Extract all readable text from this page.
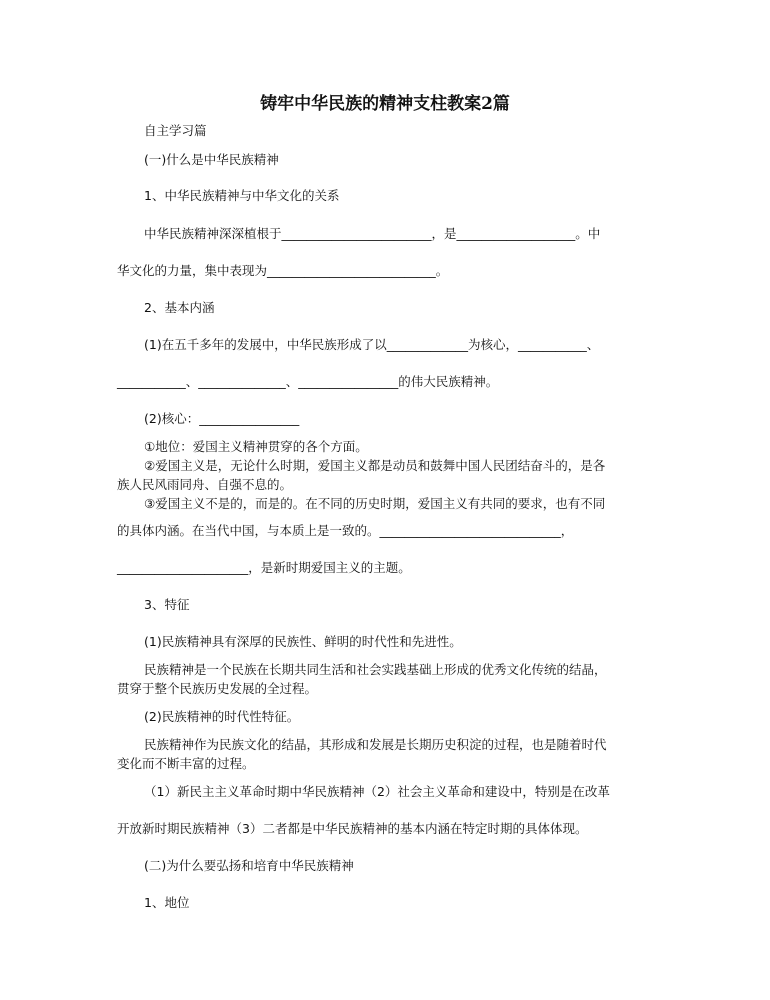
铸牢中华民族的精神支柱教案2篇
自主学习篇
(一)什么是中华民族精神
1、中华民族精神与中华文化的关系
中华民族精神深深植根于________________________，是___________________。中
华文化的力量，集中表现为___________________________。
2、基本内涵
(1)在五千多年的发展中，中华民族形成了以_____________为核心，___________、
___________、______________、________________的伟大民族精神。
(2)核心：________________
①地位：爱国主义精神贯穿的各个方面。
②爱国主义是，无论什么时期，爱国主义都是动员和鼓舞中国人民团结奋斗的，是各
族人民风雨同舟、自强不息的。
③爱国主义不是的，而是的。在不同的历史时期，爱国主义有共同的要求，也有不同
的具体内涵。在当代中国，与本质上是一致的。_____________________________，
_____________________，是新时期爱国主义的主题。
3、特征
(1)民族精神具有深厚的民族性、鲜明的时代性和先进性。
民族精神是一个民族在长期共同生活和社会实践基础上形成的优秀文化传统的结晶，
贯穿于整个民族历史发展的全过程。
(2)民族精神的时代性特征。
民族精神作为民族文化的结晶，其形成和发展是长期历史积淀的过程，也是随着时代
变化而不断丰富的过程。
（1）新民主主义革命时期中华民族精神（2）社会主义革命和建设中，特别是在改革
开放新时期民族精神（3）二者都是中华民族精神的基本内涵在特定时期的具体体现。
(二)为什么要弘扬和培育中华民族精神
1、地位
